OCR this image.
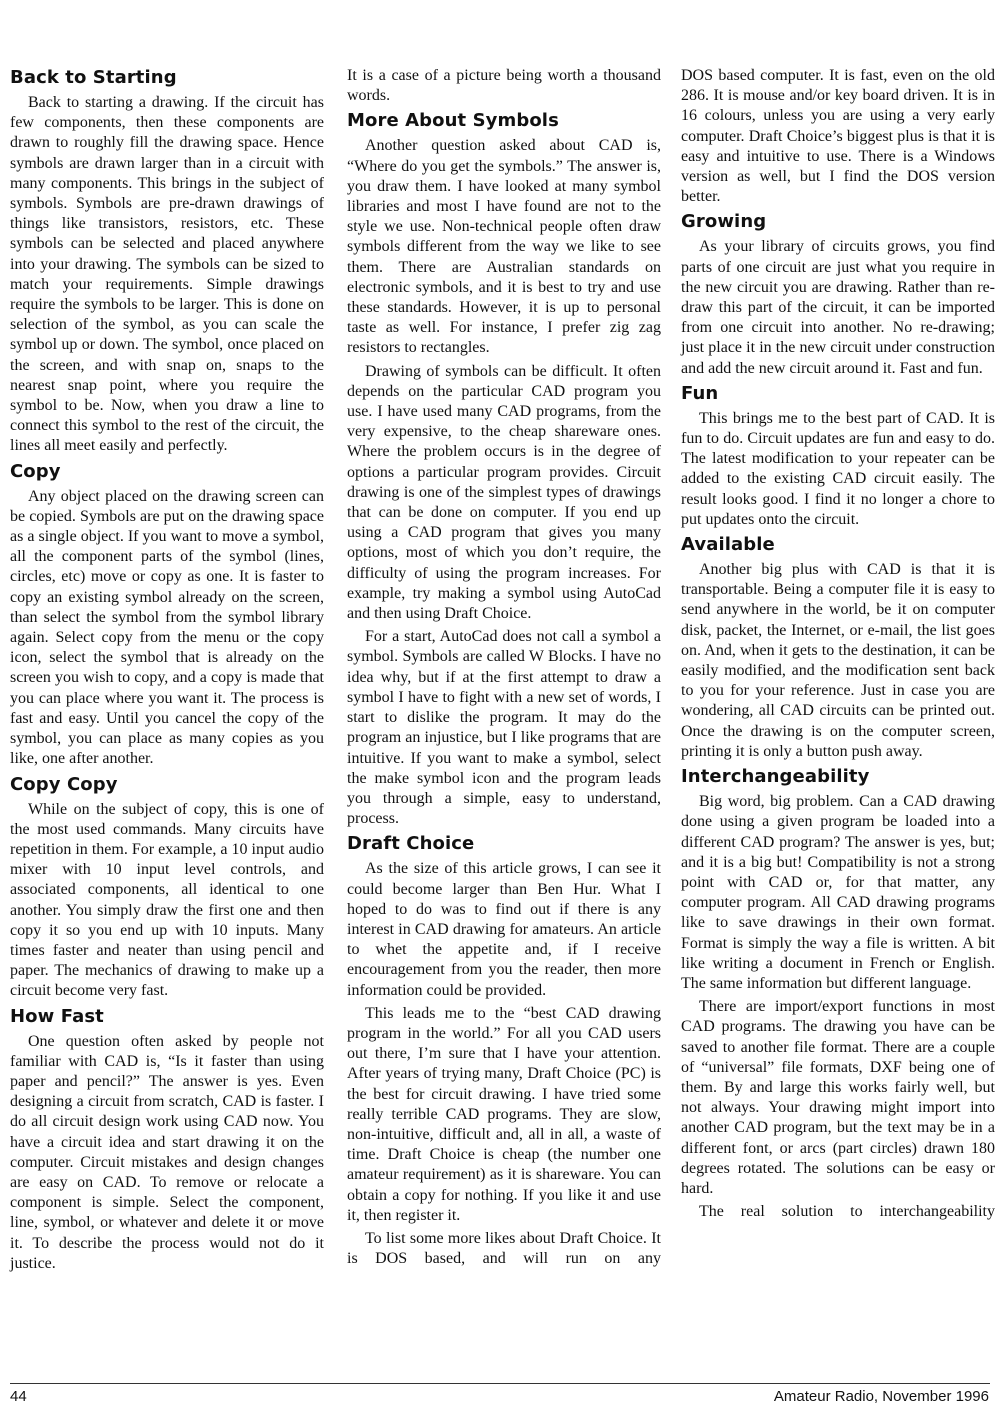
Back to Starting

Back to starting a drawing. If the circuit has few components, then these components are drawn to roughly fill the drawing space. Hence symbols are drawn larger than in a circuit with many components. This brings in the subject of symbols. Symbols are pre-drawn drawings of things like transistors, resistors, etc. These symbols can be selected and placed anywhere into your drawing. The symbols can be sized to match your requirements. Simple drawings require the symbols to be larger. This is done on selection of the symbol, as you can scale the symbol up or down. The symbol, once placed on the screen, and with snap on, snaps to the nearest snap point, where you require the symbol to be. Now, when you draw a line to connect this symbol to the rest of the circuit, the lines all meet easily and perfectly.

Copy

Any object placed on the drawing screen can be copied. Symbols are put on the drawing space as a single object. If you want to move a symbol, all the component parts of the symbol (lines, circles, etc) move or copy as one. It is faster to copy an existing symbol already on the screen, than select the symbol from the symbol library again. Select copy from the menu or the copy icon, select the symbol that is already on the screen you wish to copy, and a copy is made that you can place where you want it. The process is fast and easy. Until you cancel the copy of the symbol, you can place as many copies as you like, one after another.

Copy Copy

While on the subject of copy, this is one of the most used commands. Many circuits have repetition in them. For example, a 10 input audio mixer with 10 input level controls, and associated components, all identical to one another. You simply draw the first one and then copy it so you end up with 10 inputs. Many times faster and neater than using pencil and paper. The mechanics of drawing to make up a circuit become very fast.

How Fast

One question often asked by people not familiar with CAD is, “Is it faster than using paper and pencil?” The answer is yes. Even designing a circuit from scratch, CAD is faster. I do all circuit design work using CAD now. You have a circuit idea and start drawing it on the computer. Circuit mistakes and design changes are easy on CAD. To remove or relocate a component is simple. Select the component, line, symbol, or whatever and delete it or move it. To describe the process would not do it justice.

It is a case of a picture being worth a thousand words.

More About Symbols

Another question asked about CAD is, “Where do you get the symbols.” The answer is, you draw them. I have looked at many symbol libraries and most I have found are not to the style we use. Non-technical people often draw symbols different from the way we like to see them. There are Australian standards on electronic symbols, and it is best to try and use these standards. However, it is up to personal taste as well. For instance, I prefer zig zag resistors to rectangles.

Drawing of symbols can be difficult. It often depends on the particular CAD program you use. I have used many CAD programs, from the very expensive, to the cheap shareware ones. Where the problem occurs is in the degree of options a particular program provides. Circuit drawing is one of the simplest types of drawings that can be done on computer. If you end up using a CAD program that gives you many options, most of which you don’t require, the difficulty of using the program increases. For example, try making a symbol using AutoCad and then using Draft Choice.

For a start, AutoCad does not call a symbol a symbol. Symbols are called W Blocks. I have no idea why, but if at the first attempt to draw a symbol I have to fight with a new set of words, I start to dislike the program. It may do the program an injustice, but I like programs that are intuitive. If you want to make a symbol, select the make symbol icon and the program leads you through a simple, easy to understand, process.

Draft Choice

As the size of this article grows, I can see it could become larger than Ben Hur. What I hoped to do was to find out if there is any interest in CAD drawing for amateurs. An article to whet the appetite and, if I receive encouragement from you the reader, then more information could be provided.

This leads me to the “best CAD drawing program in the world.” For all you CAD users out there, I’m sure that I have your attention. After years of trying many, Draft Choice (PC) is the best for circuit drawing. I have tried some really terrible CAD programs. They are slow, non-intuitive, difficult and, all in all, a waste of time. Draft Choice is cheap (the number one amateur requirement) as it is shareware. You can obtain a copy for nothing. If you like it and use it, then register it.

To list some more likes about Draft Choice. It is DOS based, and will run on any

DOS based computer. It is fast, even on the old 286. It is mouse and/or key board driven. It is in 16 colours, unless you are using a very early computer. Draft Choice’s biggest plus is that it is easy and intuitive to use. There is a Windows version as well, but I find the DOS version better.

Growing

As your library of circuits grows, you find parts of one circuit are just what you require in the new circuit you are drawing. Rather than re-draw this part of the circuit, it can be imported from one circuit into another. No re-drawing; just place it in the new circuit under construction and add the new circuit around it. Fast and fun.

Fun

This brings me to the best part of CAD. It is fun to do. Circuit updates are fun and easy to do. The latest modification to your repeater can be added to the existing CAD circuit easily. The result looks good. I find it no longer a chore to put updates onto the circuit.

Available

Another big plus with CAD is that it is transportable. Being a computer file it is easy to send anywhere in the world, be it on computer disk, packet, the Internet, or e-mail, the list goes on. And, when it gets to the destination, it can be easily modified, and the modification sent back to you for your reference. Just in case you are wondering, all CAD circuits can be printed out. Once the drawing is on the computer screen, printing it is only a button push away.

Interchangeability

Big word, big problem. Can a CAD drawing done using a given program be loaded into a different CAD program? The answer is yes, but; and it is a big but! Compatibility is not a strong point with CAD or, for that matter, any computer program. All CAD drawing programs like to save drawings in their own format. Format is simply the way a file is written. A bit like writing a document in French or English. The same information but different language.

There are import/export functions in most CAD programs. The drawing you have can be saved to another file format. There are a couple of “universal” file formats, DXF being one of them. By and large this works fairly well, but not always. Your drawing might import into another CAD program, but the text may be in a different font, or arcs (part circles) drawn 180 degrees rotated. The solutions can be easy or hard.

The real solution to interchangeability

44	Amateur Radio, November 1996
